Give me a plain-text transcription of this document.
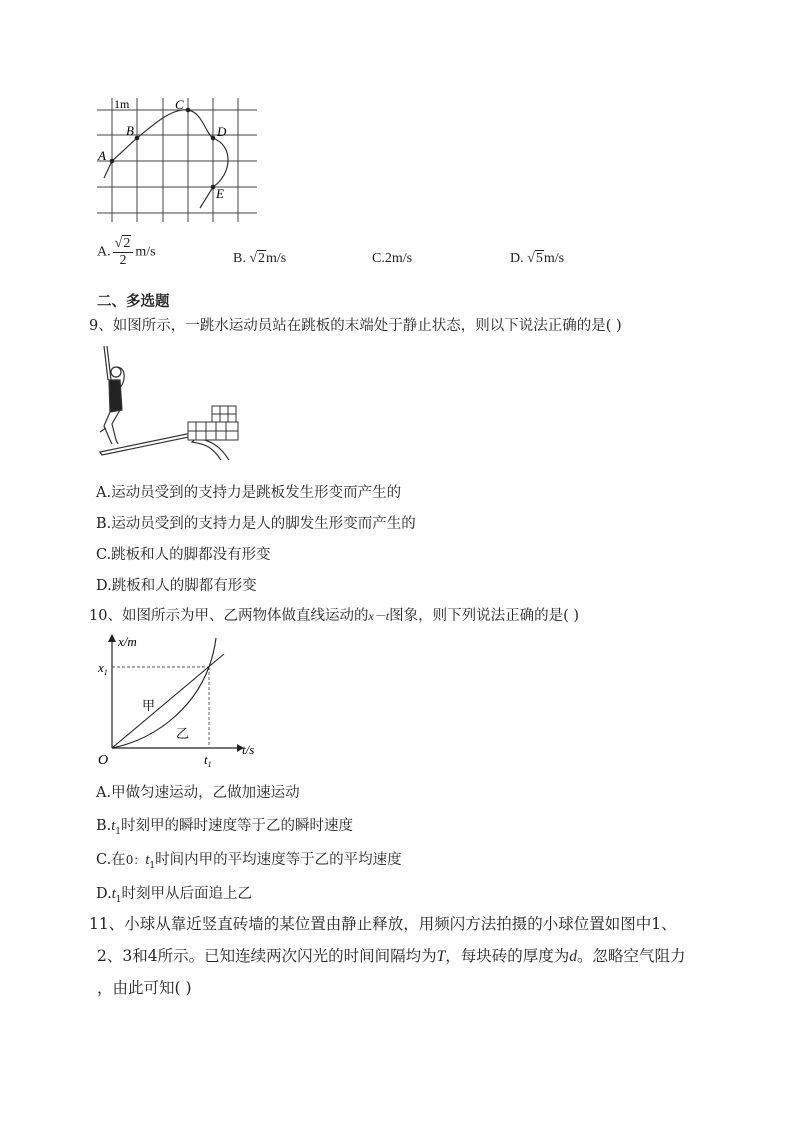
1m
A
B
C
D
E
A. $\frac{√2}{2} m/s$	B. √2m/s	C.2m/s	D. √5m/s
二、多选题
9、如图所示，一跳水运动员站在跳板的末端处于静止状态，则以下说法正确的是( )
A.运动员受到的支持力是跳板发生形变而产生的
B.运动员受到的支持力是人的脚发生形变而产生的
C.跳板和人的脚都没有形变
D.跳板和人的脚都有形变
10、如图所示为甲、乙两物体做直线运动的x－t图象，则下列说法正确的是( )
x/m
t/s
O
$x_1$
$t_1$
甲
乙
A.甲做匀速运动，乙做加速运动
$B.t_1$时刻甲的瞬时速度等于乙的瞬时速度
C.在0：$t_1$时间内甲的平均速度等于乙的平均速度
$D.t_1$时刻甲从后面追上乙
11、小球从靠近竖直砖墙的某位置由静止释放，用频闪方法拍摄的小球位置如图中1、
2、3和4所示。已知连续两次闪光的时间间隔均为T，每块砖的厚度为d。忽略空气阻力
，由此可知( )
